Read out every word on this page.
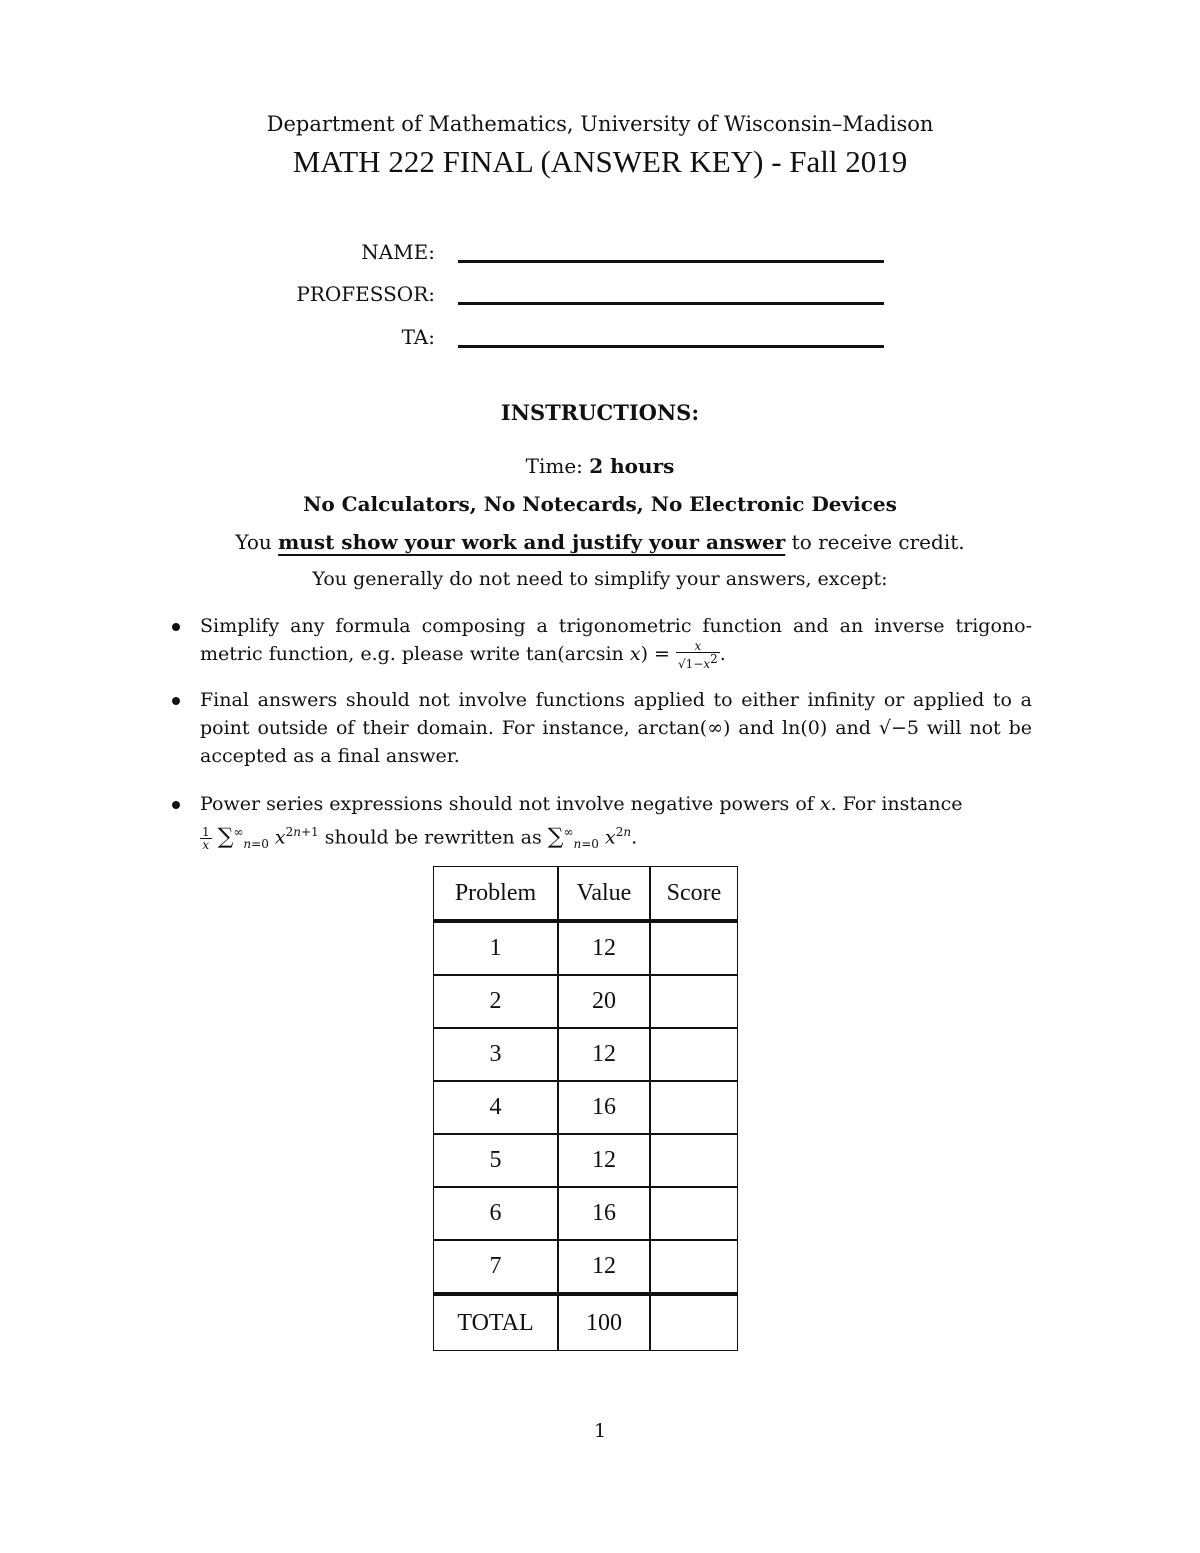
Department of Mathematics, University of Wisconsin–Madison
MATH 222 FINAL (ANSWER KEY) - Fall 2019
NAME:
PROFESSOR:
TA:
INSTRUCTIONS:
Time: 2 hours
No Calculators, No Notecards, No Electronic Devices
You must show your work and justify your answer to receive credit.
You generally do not need to simplify your answers, except:
Simplify any formula composing a trigonometric function and an inverse trigono-metric function, e.g. please write tan(arcsin $x) = \frac{x}{√1-x^2}$ .
Final answers should not involve functions applied to either infinity or applied to a point outside of their domain. For instance, arctan(∞) and ln(0) and √−5 will not be accepted as a final answer.
Power series expressions should not involve negative powers of x. For instance

$\frac{1}{x} \sum^\infty_{n=0}$ $x^{2n+1}$ should be rewritten as $\sum^\infty_{n=0}$ $x^{2n}$.
Problem	Value	Score
1	12	
2	20	
3	12	
4	16	
5	12	
6	16	
7	12	
TOTAL	100	
1
